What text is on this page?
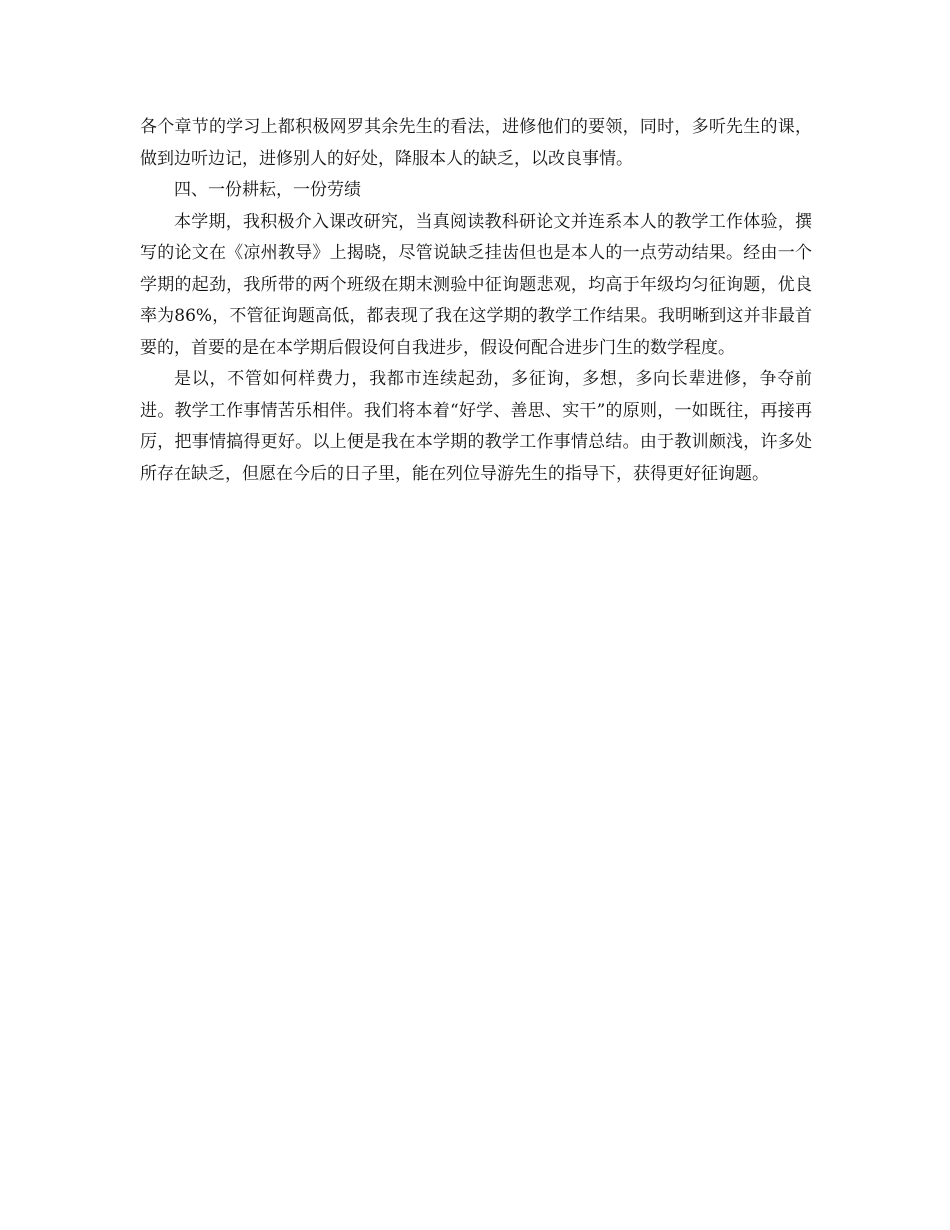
各个章节的学习上都积极网罗其余先生的看法，进修他们的要领，同时，多听先生的课，做到边听边记，进修别人的好处，降服本人的缺乏，以改良事情。

四、一份耕耘，一份劳绩

本学期，我积极介入课改研究，当真阅读教科研论文并连系本人的教学工作体验，撰写的论文在《凉州教导》上揭晓，尽管说缺乏挂齿但也是本人的一点劳动结果。经由一个学期的起劲，我所带的两个班级在期末测验中征询题悲观，均高于年级均匀征询题，优良率为86%，不管征询题高低，都表现了我在这学期的教学工作结果。我明晰到这并非最首要的，首要的是在本学期后假设何自我进步，假设何配合进步门生的数学程度。

是以，不管如何样费力，我都市连续起劲，多征询，多想，多向长辈进修，争夺前进。教学工作事情苦乐相伴。我们将本着“好学、善思、实干”的原则，一如既往，再接再厉，把事情搞得更好。以上便是我在本学期的教学工作事情总结。由于教训颇浅，许多处所存在缺乏，但愿在今后的日子里，能在列位导游先生的指导下，获得更好征询题。
